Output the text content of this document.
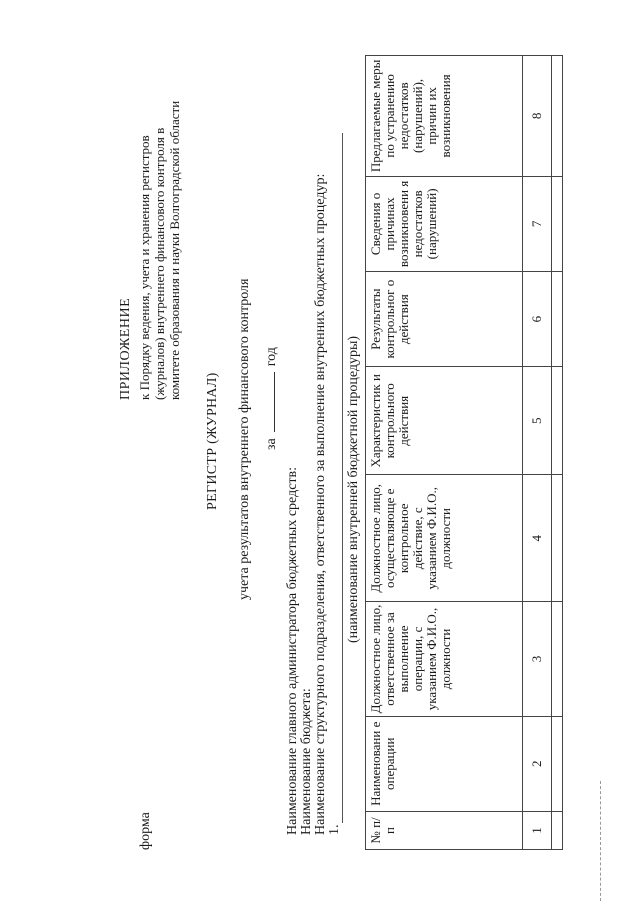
форма
ПРИЛОЖЕНИЕ к Порядку ведения, учета и хранения регистров (журналов) внутреннего финансового контроля в комитете образования и науки Волгоградской области
РЕГИСТР (ЖУРНАЛ) учета результатов внутреннего финансового контроля загод
Наименование главного администратора бюджетных средств: Наименование бюджета: Наименование структурного подразделения, ответственного за выполнение внутренних бюджетных процедур: 1.
(наименование внутренней бюджетной процедуры)
№ п/п	Наименовани е операции	Должностное лицо, ответственное за выполнение операции, с указанием Ф.И.О., должности	Должностное лицо, осуществляюще е контрольное действие, с указанием Ф.И.О., должности	Характеристик и контрольного действия	Результаты контрольног о действия	Сведения о причинах возникновени я недостатков (нарушений)	Предлагаемые меры по устранению недостатков (нарушений), причин их возникновения
1	2	3	4	5	6	7	8
